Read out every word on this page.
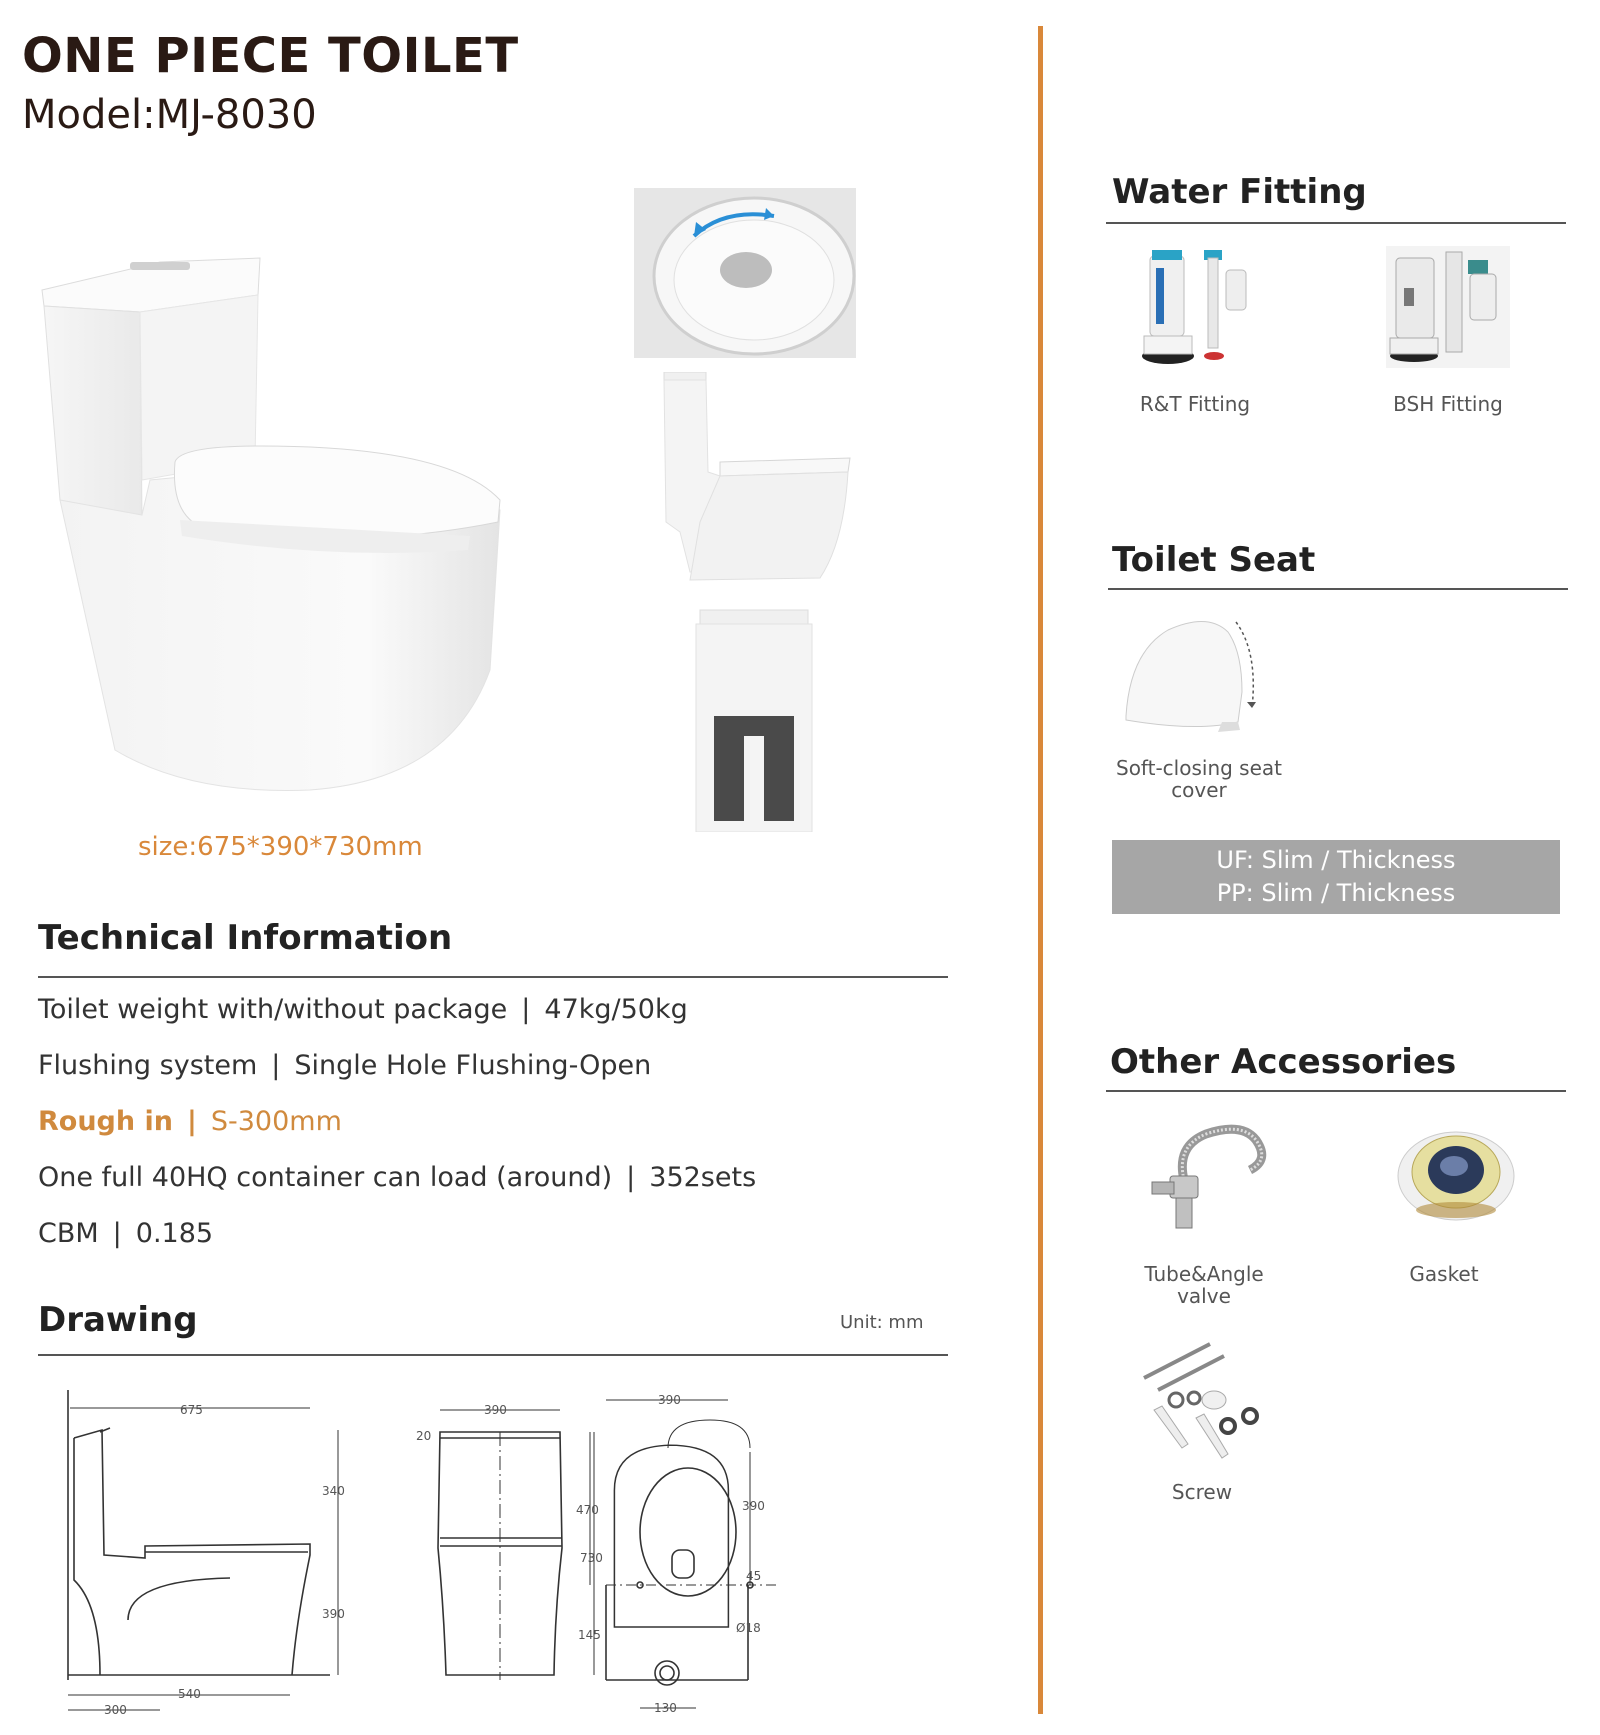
ONE PIECE TOILET
Model:MJ-8030
size:675*390*730mm
Technical Information
Toilet weight with/without package | 47kg/50kg
Flushing system | Single Hole Flushing-Open
Rough in | S-300mm
One full 40HQ container can load (around) | 352sets
CBM | 0.185
Drawing	Unit: mm
675
340
390
540
300
390
20
730
390
470	390
45
145	Ø18
130
Water Fitting
R&T Fitting	BSH Fitting
Toilet Seat
Soft-closing seat
cover
UF: Slim / Thickness
PP: Slim / Thickness
Other Accessories
Tube&Angle
valve
Gasket
Screw
